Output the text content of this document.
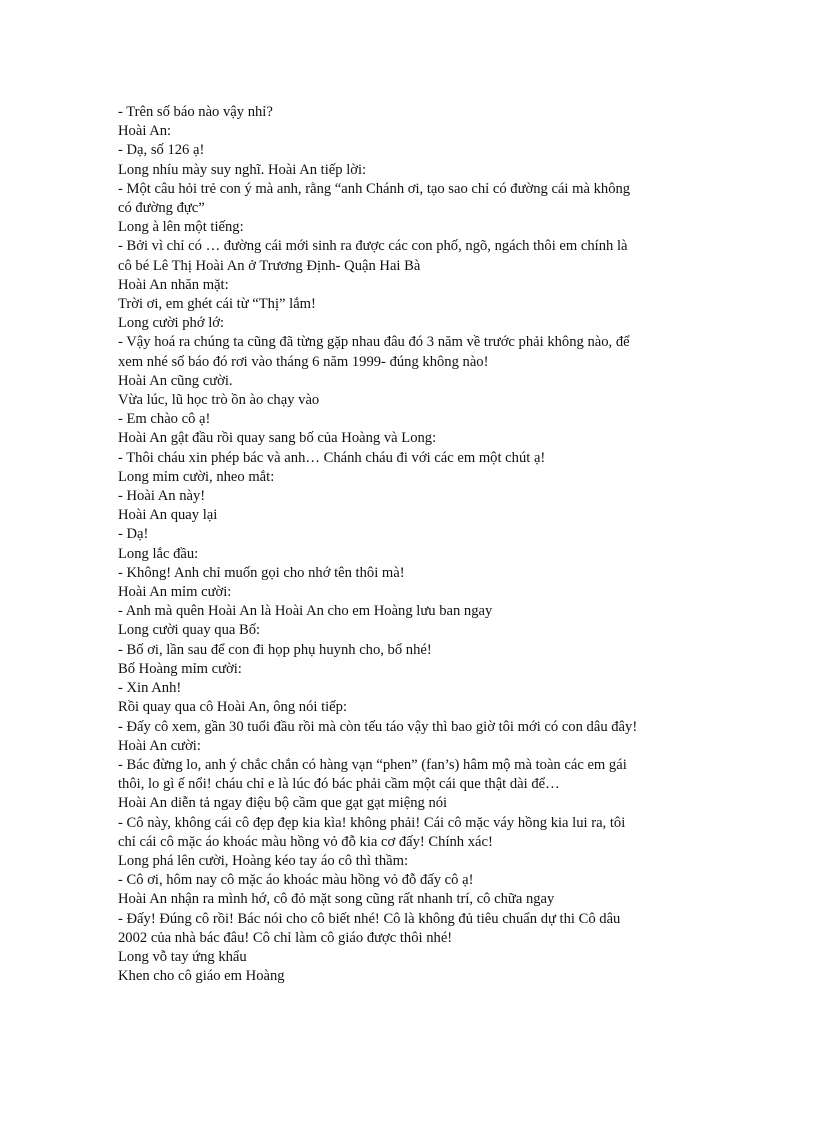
- Trên số báo nào vậy nhỉ?
Hoài An:
- Dạ, số 126 ạ!
Long nhíu mày suy nghĩ. Hoài An tiếp lời:
- Một câu hỏi trẻ con ý mà anh, rằng “anh Chánh ơi, tạo sao chỉ có đường cái mà không
có đường đực”
Long à lên một tiếng:
- Bởi vì chỉ có … đường cái mới sinh ra được các con phố, ngõ, ngách thôi em chính là
cô bé Lê Thị Hoài An ở Trương Định- Quận Hai Bà
Hoài An nhăn mặt:
Trời ơi, em ghét cái từ “Thị” lắm!
Long cười phớ lớ:
- Vậy hoá ra chúng ta cũng đã từng gặp nhau đâu đó 3 năm về trước phải không nào, để
xem nhé số báo đó rơi vào tháng 6 năm 1999- đúng không nào!
Hoài An cũng cười.
Vừa lúc, lũ học trò ồn ào chạy vào
- Em chào cô ạ!
Hoài An gật đầu rồi quay sang bố của Hoàng và Long:
- Thôi cháu xin phép bác và anh… Chánh cháu đi với các em một chút ạ!
Long mỉm cười, nheo mắt:
- Hoài An này!
Hoài An quay lại
- Dạ!
Long lắc đầu:
- Không! Anh chỉ muốn gọi cho nhớ tên thôi mà!
Hoài An mỉm cười:
- Anh mà quên Hoài An là Hoài An cho em Hoàng lưu ban ngay
Long cười quay qua Bố:
- Bố ơi, lần sau để con đi họp phụ huynh cho, bố nhé!
Bố Hoàng mỉm cười:
- Xin Anh!
Rồi quay qua cô Hoài An, ông nói tiếp:
- Đấy cô xem, gần 30 tuổi đầu rồi mà còn tếu táo vậy thì bao giờ tôi mới có con dâu đây!
Hoài An cười:
- Bác đừng lo, anh ý chắc chắn có hàng vạn “phen” (fan’s) hâm mộ mà toàn các em gái
thôi, lo gì ế nổi! cháu chỉ e là lúc đó bác phải cầm một cái que thật dài để…
Hoài An diễn tả ngay điệu bộ cầm que gạt gạt miệng nói
- Cô này, không cái cô đẹp đẹp kia kìa! không phải! Cái cô mặc váy hồng kia lui ra, tôi
chỉ cái cô mặc áo khoác màu hồng vỏ đỗ kia cơ đấy! Chính xác!
Long phá lên cười, Hoàng kéo tay áo cô thì thầm:
- Cô ơi, hôm nay cô mặc áo khoác màu hồng vỏ đỗ đấy cô ạ!
Hoài An nhận ra mình hớ, cô đỏ mặt song cũng rất nhanh trí, cô chữa ngay
- Đấy! Đúng cô rồi! Bác nói cho cô biết nhé! Cô là không đủ tiêu chuẩn dự thi Cô dâu
2002 của nhà bác đâu! Cô chỉ làm cô giáo được thôi nhé!
Long vỗ tay ứng khẩu
Khen cho cô giáo em Hoàng
